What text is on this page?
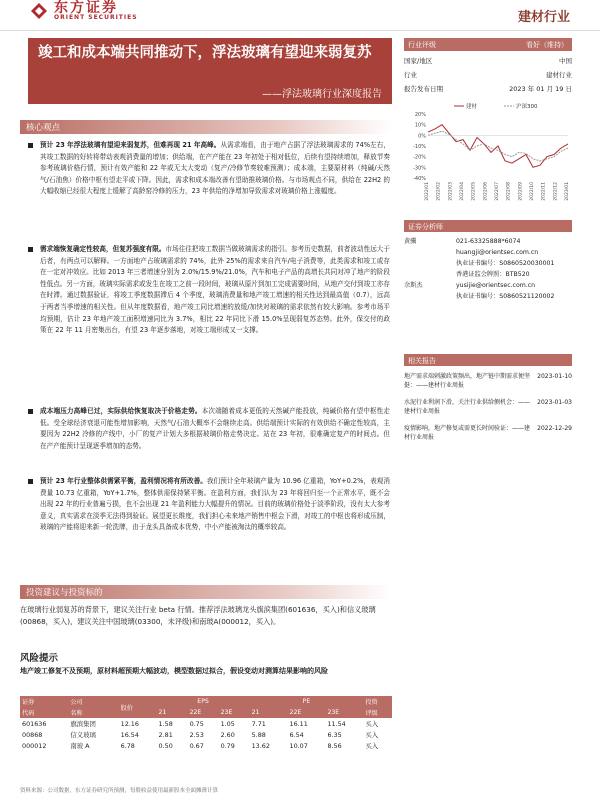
东方证券
ORIENT SECURITIES	建材行业
竣工和成本端共同推动下，浮法玻璃有望迎来弱复苏
——浮法玻璃行业深度报告
行业评级	看好（维持）
国家/地区	中国
行业	建材行业
报告发布日期	2023 年 01 月 19 日
20%
10%
0%
-10%
-20%
-30%
-40%
建材	沪深300
2022/01 2022/02 2022/03 2022/04 2022/05 2022/06 2022/07 2022/08 2022/09 2022/10 2022/11 2022/12 2023/01
核心观点
预计 23 年浮法玻璃有望迎来弱复苏，但难再现 21 年高峰。从需求端看，由于地产占据了浮法玻璃需求的 74%左右，其竣工数据的好转将带动表观消费量的增加；供给端，在产产能在 23 年初处于相对低位，后续有望持续增加，释放节奏参考玻璃价格行情，预计有效产能和 22 年或无太大变动（复产/冷修节奏较难预测）；成本端，主要原材料（纯碱/天然气/石油焦）价格中枢有望走平或下降。因此，需求和成本端改善有望助推玻璃价格。与市场观点不同，供给在 22H2 的大幅收缩已经很大程度上缓解了高龄窑冷修的压力，23 年供给的净增加导致需求对玻璃价格上涨幅度。
需求端恢复确定性较高，但复苏强度有限。市场往往把竣工数据当做玻璃需求的指引。参考历史数据，前者波动性远大于后者，有两点可以解释。一方面地产占玻璃需求的 74%，此外 25%的需求来自汽车/电子消费等，此类需求和竣工或存在一定对冲效应。比如 2013 年三者增速分别为 2.0%/15.9%/21.0%，汽车和电子产品的高增长共同对冲了地产的阶段性低点。另一方面，玻璃实际需求或发生在竣工之前一段时间，玻璃从原片到加工完成需要时间，从地产交付到竣工亦存在时滞。通过数据验证，将竣工季度数据滞后 4 个季度，玻璃消费量和地产竣工增速的相关性达到最高值（0.7），远高于两者当季增速的相关性。但从年度数据看，地产竣工同比增速的放缓/加快对玻璃的需求依然有较大影响。参考市场平均预期，估计 23 年地产竣工面积增速同比为 3.7%，相比 22 年同比下滑 15.0%呈现弱复苏态势。此外，保交付的政策在 22 年 11 月密集出台，有望 23 年逐步落地，对竣工端形成又一支撑。
成本端压力高峰已过，实际供给恢复取决于价格走势。本次端随着成本更低的天然碱产能投放，纯碱价格有望中枢性走低。受全球经济衰退可能性增加影响，天然气/石油大概率不会继续走高。供给端预计实际的有效供给不确定性较高，主要因为 22H2 冷修的产线中，小厂的复产计划大多根据玻璃价格走势决定。站在 23 年初，很难确定复产的时间点。但在产产能预计呈现逐季增加的态势。
预计 23 年行业整体供需紧平衡，盈利情况将有所改善。我们预计全年玻璃产量为 10.96 亿重箱，YoY+0.2%，表观消费量 10.73 亿重箱，YoY+1.7%，整体供需保持紧平衡。在盈利方面，我们认为 23 年将回归至一个正常水平，既不会出现 22 年的行业普遍亏损，也不会出现 21 年盈利能力大幅提升的情况。目前的玻璃价格处于淡季阶段，没有太大参考意义，真实需求在淡季无法得到验证。展望更长维度，我们担心未来地产销售中枢会下滑，对竣工的中枢也将形成压制，玻璃的产能将迎来新一轮洗牌，由于龙头具备成本优势，中小产能被淘汰的概率较高。
证券分析师
黄骥	021-63325888*6074
huangji@orientsec.com.cn
执业证书编号：S0860520030001
香港证监会牌照：BTB520
余斯杰	yusijie@orientsec.com.cn
执业证书编号：S0860521120002
相关报告
地产需求端刺激政策频出，地产链中期需求便坚挺：——建材行业周报
2023-01-10
水泥行业利润下滑，关注行业供给侧机会：——建材行业周报
2023-01-03
疫情影响，地产修复或需更长时间验证：——建材行业周报
2022-12-29
投资建议与投资标的
在玻璃行业弱复苏的背景下，建议关注行业 beta 行情。推荐浮法玻璃龙头旗滨集团(601636，买入)和信义玻璃(00868，买入)，建议关注中国玻璃(03300，未评级)和南玻A(000012，买入)。
风险提示
地产竣工修复不及预期，原材料超预期大幅波动，模型数据过拟合，假设变动对测算结果影响的风险
证券	公司	股价	EPS			PE			投资
代码	名称		21	22E	23E	21	22E	23E	评级
601636	旗滨集团	12.16	1.58	0.75	1.05	7.71	16.11	11.54	买入
00868	信义玻璃	16.54	2.81	2.53	2.60	5.88	6.54	6.35	买入
000012	南玻 A	6.78	0.50	0.67	0.79	13.62	10.07	8.56	买入
资料来源：公司数据，东方证券研究所预测，每股收益使用最新股本全面摊薄计算
